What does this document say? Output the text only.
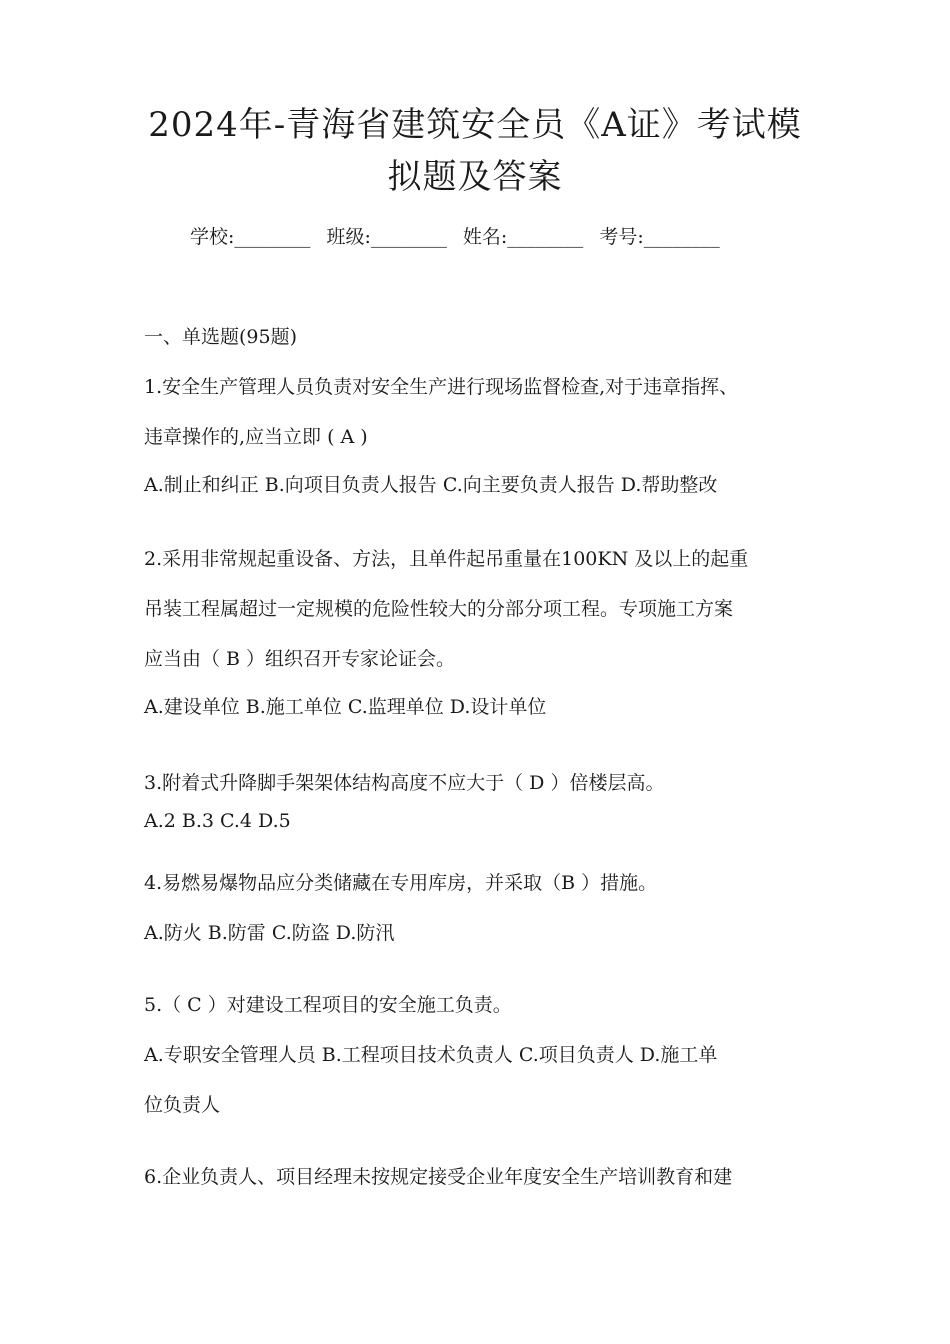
2024年-青海省建筑安全员《A证》考试模
拟题及答案
学校:________ 班级:________ 姓名:________ 考号:________
一、单选题(95题)
1.安全生产管理人员负责对安全生产进行现场监督检查,对于违章指挥、
违章操作的,应当立即 ( A )
A.制止和纠正 B.向项目负责人报告 C.向主要负责人报告 D.帮助整改
2.采用非常规起重设备、方法，且单件起吊重量在100KN 及以上的起重
吊装工程属超过一定规模的危险性较大的分部分项工程。专项施工方案
应当由（ B ）组织召开专家论证会。
A.建设单位 B.施工单位 C.监理单位 D.设计单位
3.附着式升降脚手架架体结构高度不应大于（ D ）倍楼层高。
A.2 B.3 C.4 D.5
4.易燃易爆物品应分类储藏在专用库房，并采取（B ）措施。
A.防火 B.防雷 C.防盗 D.防汛
5.（ C ）对建设工程项目的安全施工负责。
A.专职安全管理人员 B.工程项目技术负责人 C.项目负责人 D.施工单
位负责人
6.企业负责人、项目经理未按规定接受企业年度安全生产培训教育和建
